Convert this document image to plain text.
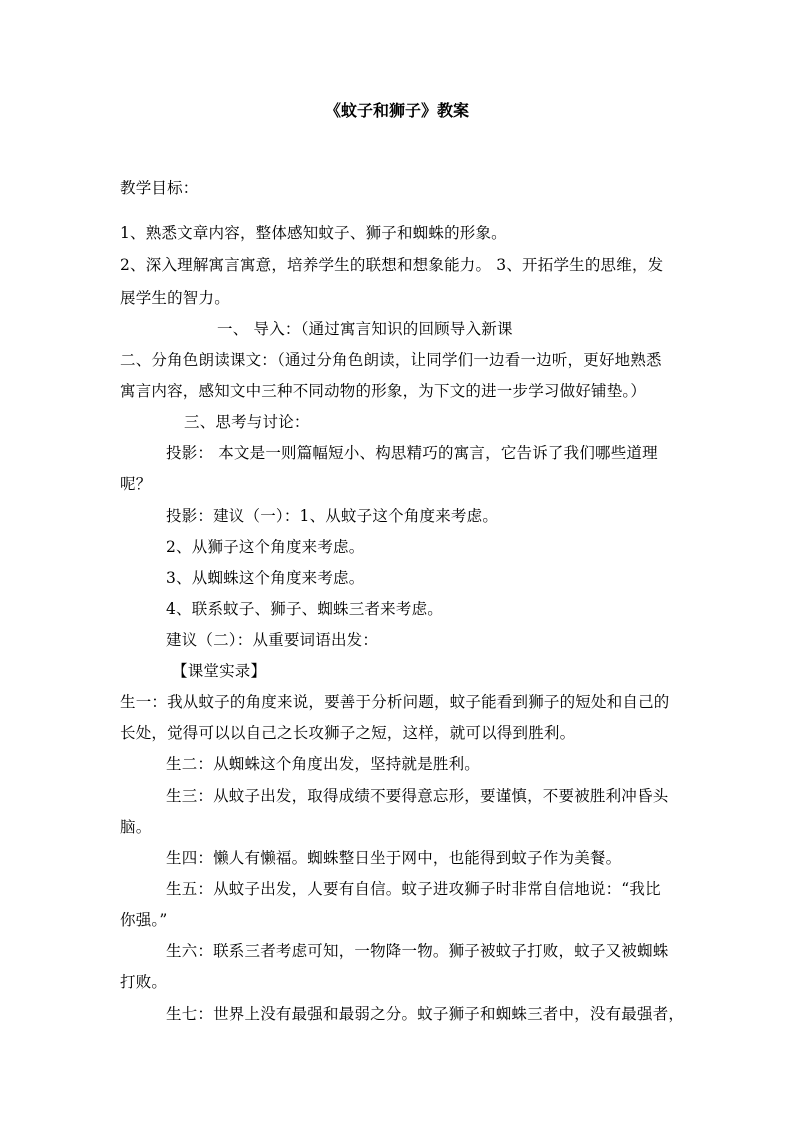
《蚊子和狮子》教案
教学目标：
1、熟悉文章内容，整体感知蚊子、狮子和蜘蛛的形象。
2、深入理解寓言寓意，培养学生的联想和想象能力。 3、开拓学生的思维，发
展学生的智力。
一、 导入：（通过寓言知识的回顾导入新课
二、分角色朗读课文：（通过分角色朗读，让同学们一边看一边听，更好地熟悉
寓言内容，感知文中三种不同动物的形象，为下文的进一步学习做好铺垫。）
三、思考与讨论：
投影： 本文是一则篇幅短小、构思精巧的寓言，它告诉了我们哪些道理
呢？
投影：建议（一）：1、从蚊子这个角度来考虑。
2、从狮子这个角度来考虑。
3、从蜘蛛这个角度来考虑。
4、联系蚊子、狮子、蜘蛛三者来考虑。
建议（二）：从重要词语出发：
【课堂实录】
生一：我从蚊子的角度来说，要善于分析问题，蚊子能看到狮子的短处和自己的
长处，觉得可以以自己之长攻狮子之短，这样，就可以得到胜利。
生二：从蜘蛛这个角度出发，坚持就是胜利。
生三：从蚊子出发，取得成绩不要得意忘形，要谨慎，不要被胜利冲昏头
脑。
生四：懒人有懒福。蜘蛛整日坐于网中，也能得到蚊子作为美餐。
生五：从蚊子出发，人要有自信。蚊子进攻狮子时非常自信地说：“我比
你强。”
生六：联系三者考虑可知，一物降一物。狮子被蚊子打败，蚊子又被蜘蛛
打败。
生七：世界上没有最强和最弱之分。蚊子狮子和蜘蛛三者中，没有最强者，
